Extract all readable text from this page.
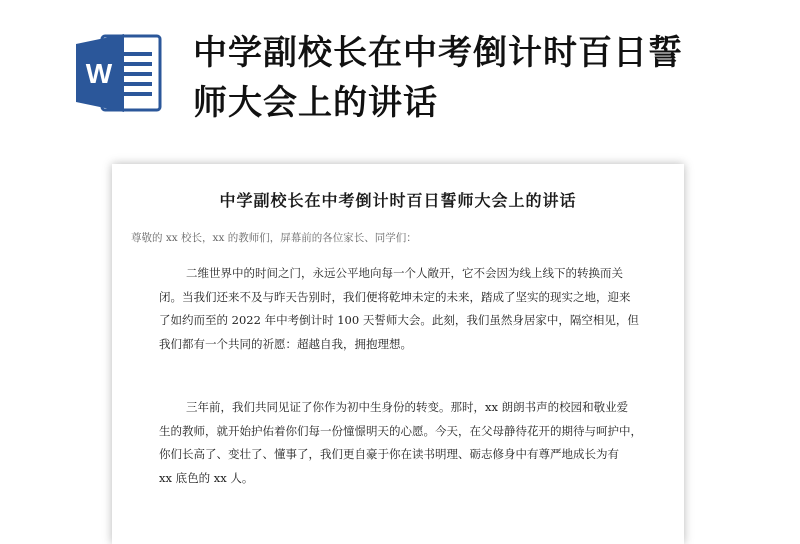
W
中学副校长在中考倒计时百日誓
师大会上的讲话
中学副校长在中考倒计时百日誓师大会上的讲话
尊敬的 xx 校长，xx 的教师们，屏幕前的各位家长、同学们：
二维世界中的时间之门，永远公平地向每一个人敞开，它不会因为线上线下的转换而关
闭。当我们还来不及与昨天告别时，我们便将乾坤未定的未来，踏成了坚实的现实之地，迎来
了如约而至的 2022 年中考倒计时 100 天誓师大会。此刻，我们虽然身居家中，隔空相见，但
我们都有一个共同的祈愿：超越自我，拥抱理想。
三年前，我们共同见证了你作为初中生身份的转变。那时，xx 朗朗书声的校园和敬业爱
生的教师，就开始护佑着你们每一份憧憬明天的心愿。今天，在父母静待花开的期待与呵护中，
你们长高了、变壮了、懂事了，我们更自豪于你在读书明理、砺志修身中有尊严地成长为有
xx 底色的 xx 人。
